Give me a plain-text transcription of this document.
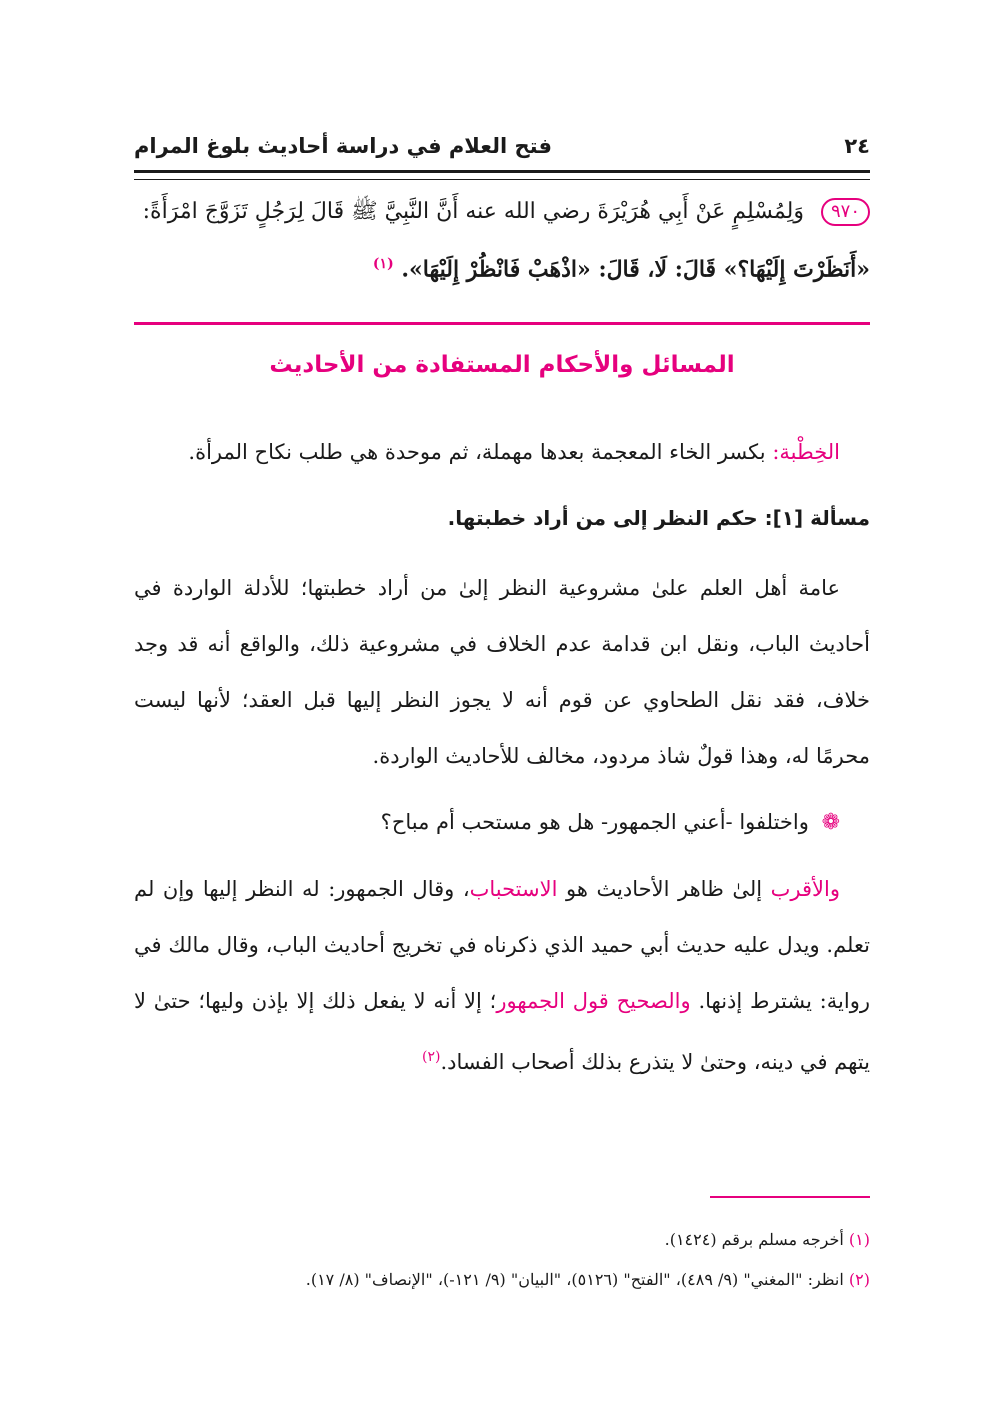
فتح العلام في دراسة أحاديث بلوغ المرام	٢٤
٩٧٠ وَلِمُسْلِمٍ عَنْ أَبِي هُرَيْرَةَ رضي الله عنه أَنَّ النَّبِيَّ ﷺ قَالَ لِرَجُلٍ تَزَوَّجَ امْرَأَةً:
«أَنَظَرْتَ إِلَيْهَا؟» قَالَ: لَا، قَالَ: «اذْهَبْ فَانْظُرْ إِلَيْهَا». $^{(١)}$
المسائل والأحكام المستفادة من الأحاديث

الخِطْبة: بكسر الخاء المعجمة بعدها مهملة، ثم موحدة هي طلب نكاح المرأة.

مسألة [١]: حكم النظر إلى من أراد خطبتها.

عامة أهل العلم علىٰ مشروعية النظر إلىٰ من أراد خطبتها؛ للأدلة الواردة في أحاديث الباب، ونقل ابن قدامة عدم الخلاف في مشروعية ذلك، والواقع أنه قد وجد خلاف، فقد نقل الطحاوي عن قوم أنه لا يجوز النظر إليها قبل العقد؛ لأنها ليست محرمًا له، وهذا قولٌ شاذ مردود، مخالف للأحاديث الواردة.

❁ واختلفوا -أعني الجمهور- هل هو مستحب أم مباح؟

والأقرب إلىٰ ظاهر الأحاديث هو الاستحباب، وقال الجمهور: له النظر إليها وإن لم تعلم. ويدل عليه حديث أبي حميد الذي ذكرناه في تخريج أحاديث الباب، وقال مالك في رواية: يشترط إذنها. والصحيح قول الجمهور؛ إلا أنه لا يفعل ذلك إلا بإذن وليها؛ حتىٰ لا يتهم في دينه، وحتىٰ لا يتذرع بذلك أصحاب الفساد.$^{(٢)}$

(١) أخرجه مسلم برقم (١٤٢٤).
(٢) انظر: "المغني" (٩/ ٤٨٩)، "الفتح" (٥١٢٦)، "البيان" (٩/ ١٢١-)، "الإنصاف" (٨/ ١٧).
